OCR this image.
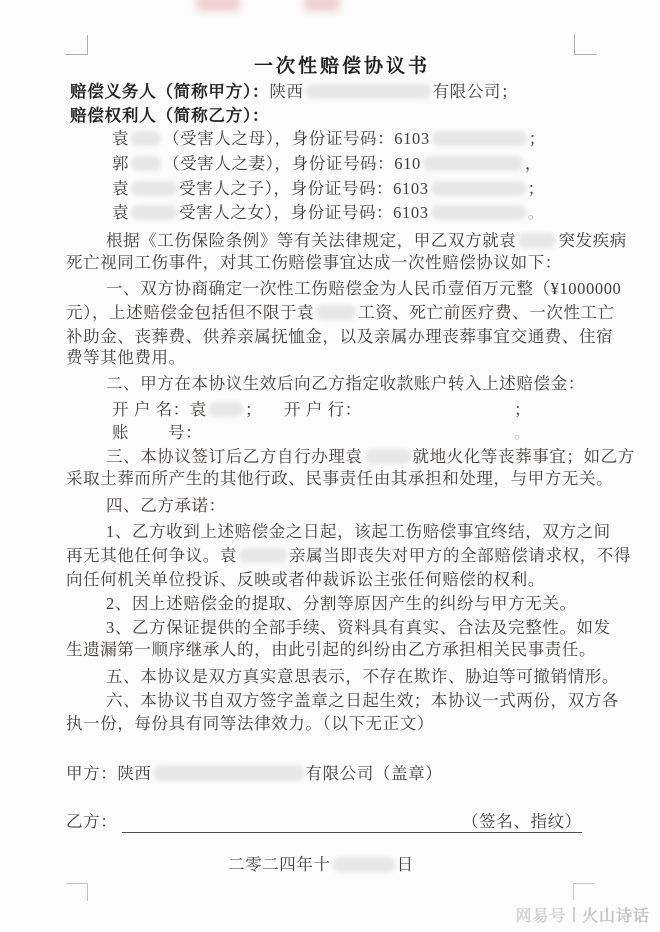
一次性赔偿协议书
赔偿义务人（简称甲方）：陕西	有限公司；
赔偿权利人（简称乙方）：
袁 （受害人之母），身份证号码：6103	；
郭 （受害人之妻），身份证号码：610	，
袁	受害人之子），身份证号码：6103	；
袁	受害人之女），身份证号码：6103	。
根据《工伤保险条例》等有关法律规定，甲乙双方就袁	突发疾病
死亡视同工伤事件，对其工伤赔偿事宜达成一次性赔偿协议如下：
一、双方协商确定一次性工伤赔偿金为人民币壹佰万元整（¥1000000
元），上述赔偿金包括但不限于袁	工资、死亡前医疗费、一次性工亡
补助金、丧葬费、供养亲属抚恤金，以及亲属办理丧葬事宜交通费、住宿
费等其他费用。
二、甲方在本协议生效后向乙方指定收款账户转入上述赔偿金：
开 户 名：袁 ； 开 户 行：	；
账 号：	。
三、本协议签订后乙方自行办理袁	就地火化等丧葬事宜；如乙方
采取土葬而所产生的其他行政、民事责任由其承担和处理，与甲方无关。
四、乙方承诺：
1、乙方收到上述赔偿金之日起，该起工伤赔偿事宜终结，双方之间
再无其他任何争议。袁	亲属当即丧失对甲方的全部赔偿请求权，不得
向任何机关单位投诉、反映或者仲裁诉讼主张任何赔偿的权利。
2、因上述赔偿金的提取、分割等原因产生的纠纷与甲方无关。
3、乙方保证提供的全部手续、资料具有真实、合法及完整性。如发
生遗漏第一顺序继承人的，由此引起的纠纷由乙方承担相关民事责任。
五、本协议是双方真实意思表示，不存在欺诈、胁迫等可撤销情形。
六、本协议书自双方签字盖章之日起生效；本协议一式两份，双方各
执一份，每份具有同等法律效力。（以下无正文）
甲方：陕西	有限公司（盖章）
乙方：	（签名、指纹）
二零二四年十	日
网易号 火山诗话
